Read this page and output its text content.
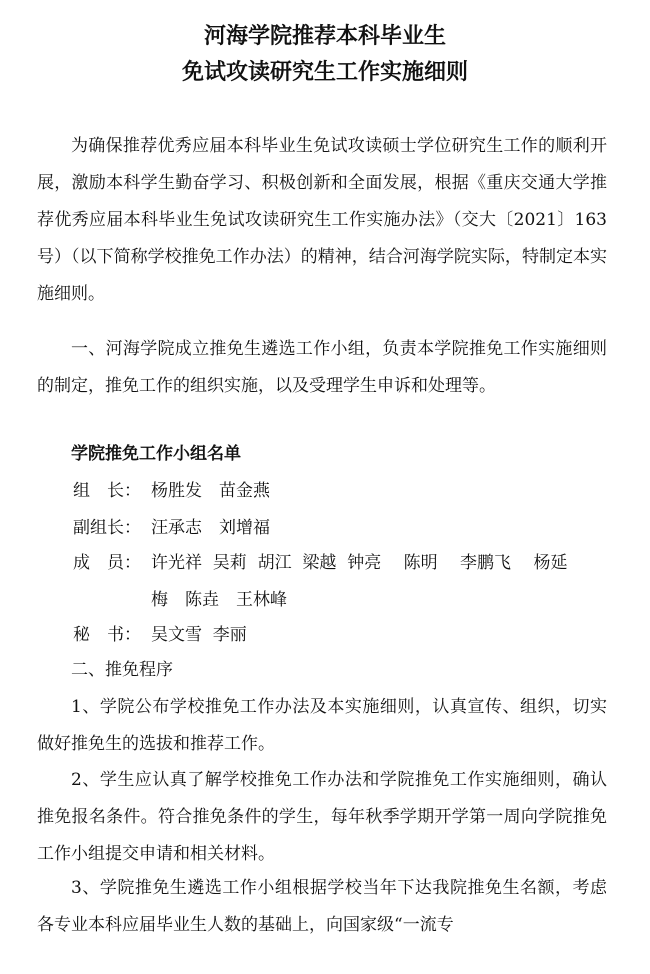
河海学院推荐本科毕业生
免试攻读研究生工作实施细则

为确保推荐优秀应届本科毕业生免试攻读硕士学位研究生工作的顺利开展，激励本科学生勤奋学习、积极创新和全面发展，根据《重庆交通大学推荐优秀应届本科毕业生免试攻读研究生工作实施办法》（交大〔2021〕163 号）（以下简称学校推免工作办法）的精神，结合河海学院实际，特制定本实施细则。

一、河海学院成立推免生遴选工作小组，负责本学院推免工作实施细则的制定，推免工作的组织实施，以及受理学生申诉和处理等。

学院推免工作小组名单

组　长： 杨胜发　苗金燕
副组长： 汪承志　刘增福
成　员： 许光祥  吴莉  胡江  梁越  钟亮　 陈明　 李鹏飞　 杨延
梅　陈垚　王林峰
秘　书： 吴文雪  李丽

二、推免程序

1、学院公布学校推免工作办法及本实施细则，认真宣传、组织，切实做好推免生的选拔和推荐工作。

2、学生应认真了解学校推免工作办法和学院推免工作实施细则，确认推免报名条件。符合推免条件的学生，每年秋季学期开学第一周向学院推免工作小组提交申请和相关材料。

3、学院推免生遴选工作小组根据学校当年下达我院推免生名额，考虑各专业本科应届毕业生人数的基础上，向国家级“一流专
